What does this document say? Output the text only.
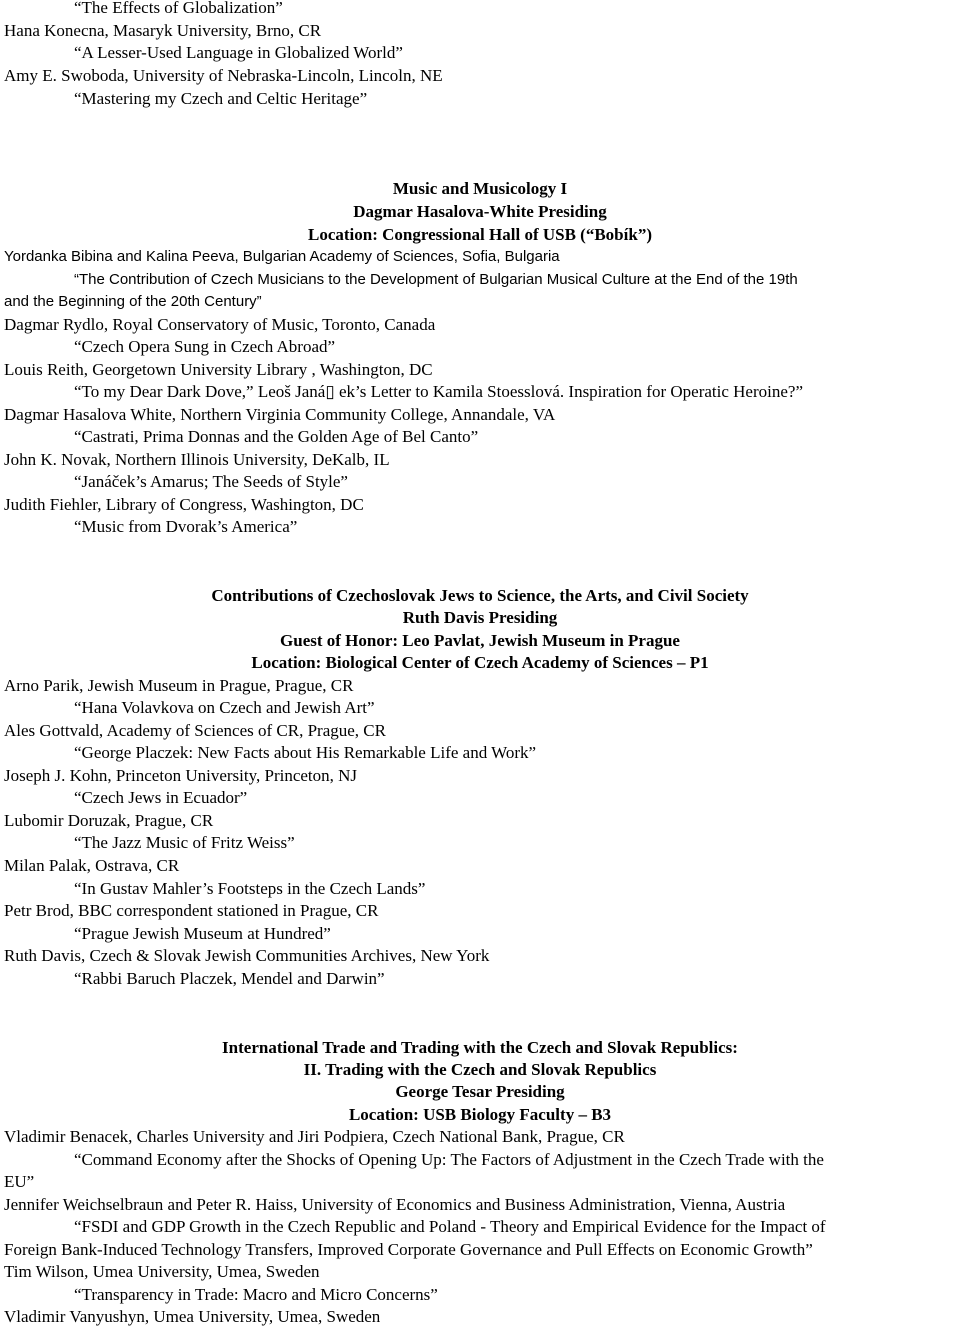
“The Effects of Globalization”
Hana Konecna, Masaryk University, Brno, CR
“A Lesser-Used Language in Globalized World”
Amy E. Swoboda, University of Nebraska-Lincoln, Lincoln, NE
“Mastering my Czech and Celtic Heritage”
Music and Musicology I
Dagmar Hasalova-White Presiding
Location: Congressional Hall of USB (“Bobík”)
Yordanka Bibina and Kalina Peeva, Bulgarian Academy of Sciences, Sofia, Bulgaria
“The Contribution of Czech Musicians to the Development of Bulgarian Musical Culture at the End of the 19th
and the Beginning of the 20th Century”
Dagmar Rydlo, Royal Conservatory of Music, Toronto, Canada
“Czech Opera Sung in Czech Abroad”
Louis Reith, Georgetown University Library , Washington, DC
“To my Dear Dark Dove,” Leoš Janá▯ ek’s Letter to Kamila Stoesslová. Inspiration for Operatic Heroine?”
Dagmar Hasalova White, Northern Virginia Community College, Annandale, VA
“Castrati, Prima Donnas and the Golden Age of Bel Canto”
John K. Novak, Northern Illinois University, DeKalb, IL
“Janáček’s Amarus; The Seeds of Style”
Judith Fiehler, Library of Congress, Washington, DC
“Music from Dvorak’s America”
Contributions of Czechoslovak Jews to Science, the Arts, and Civil Society
Ruth Davis Presiding
Guest of Honor: Leo Pavlat, Jewish Museum in Prague
Location: Biological Center of Czech Academy of Sciences – P1
Arno Parik, Jewish Museum in Prague, Prague, CR
“Hana Volavkova on Czech and Jewish Art”
Ales Gottvald, Academy of Sciences of CR, Prague, CR
“George Placzek: New Facts about His Remarkable Life and Work”
Joseph J. Kohn, Princeton University, Princeton, NJ
“Czech Jews in Ecuador”
Lubomir Doruzak, Prague, CR
“The Jazz Music of Fritz Weiss”
Milan Palak, Ostrava, CR
“In Gustav Mahler’s Footsteps in the Czech Lands”
Petr Brod, BBC correspondent stationed in Prague, CR
“Prague Jewish Museum at Hundred”
Ruth Davis, Czech & Slovak Jewish Communities Archives, New York
“Rabbi Baruch Placzek, Mendel and Darwin”
International Trade and Trading with the Czech and Slovak Republics:
II. Trading with the Czech and Slovak Republics
George Tesar Presiding
Location: USB Biology Faculty – B3
Vladimir Benacek, Charles University and Jiri Podpiera, Czech National Bank, Prague, CR
“Command Economy after the Shocks of Opening Up: The Factors of Adjustment in the Czech Trade with the
EU”
Jennifer Weichselbraun and Peter R. Haiss, University of Economics and Business Administration, Vienna, Austria
“FSDI and GDP Growth in the Czech Republic and Poland - Theory and Empirical Evidence for the Impact of
Foreign Bank-Induced Technology Transfers, Improved Corporate Governance and Pull Effects on Economic Growth”
Tim Wilson, Umea University, Umea, Sweden
“Transparency in Trade: Macro and Micro Concerns”
Vladimir Vanyushyn, Umea University, Umea, Sweden
